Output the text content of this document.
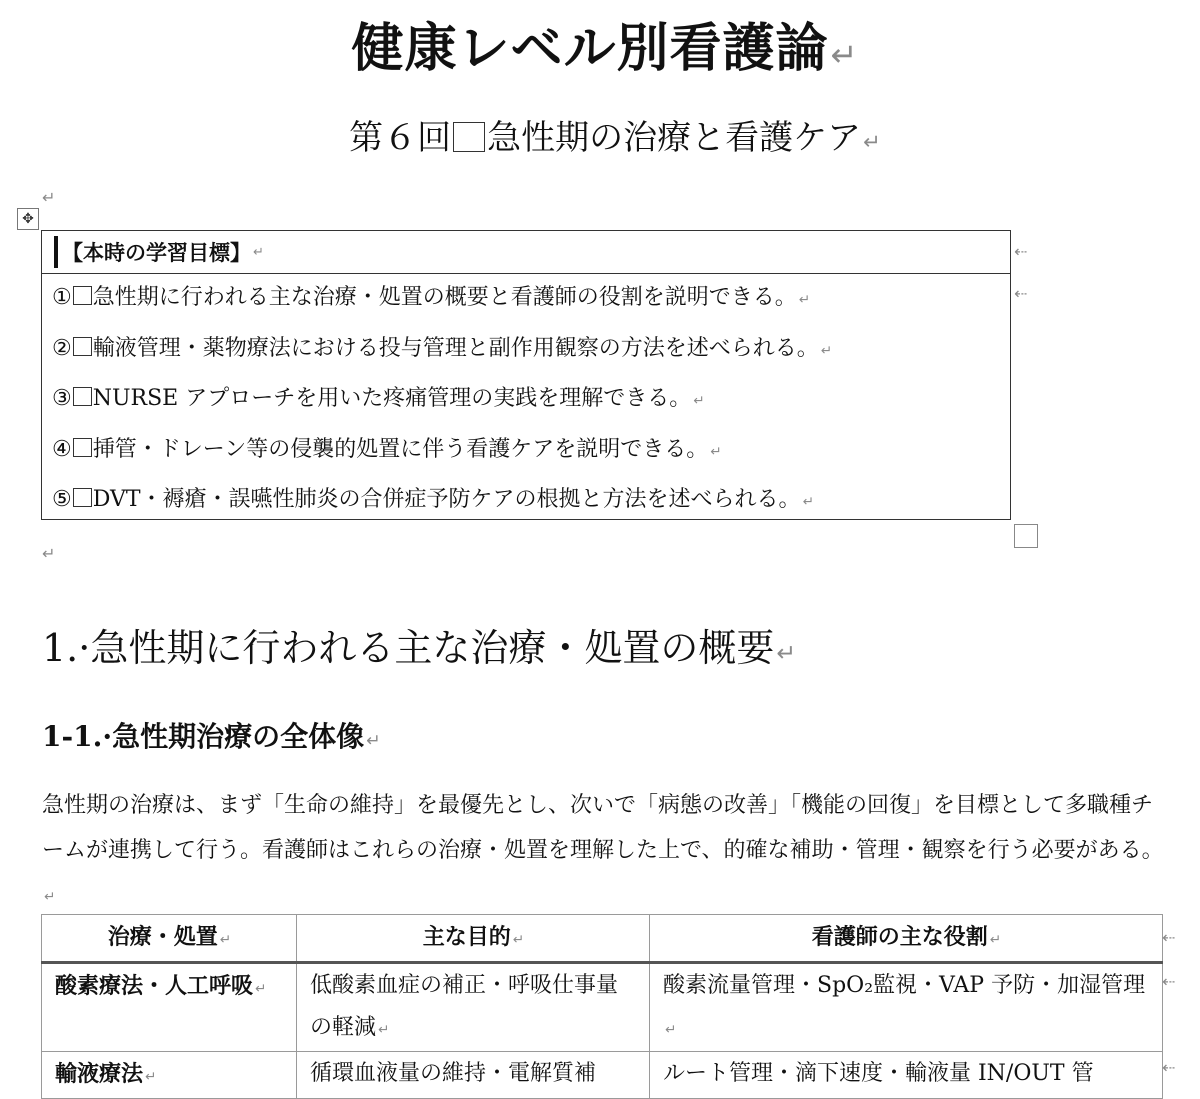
健康レベル別看護論↵
第６回 急性期の治療と看護ケア↵
↵
✥
【本時の学習目標】 ↵
① 急性期に行われる主な治療・処置の概要と看護師の役割を説明できる。 ↵
② 輸液管理・薬物療法における投与管理と副作用観察の方法を述べられる。 ↵
③ NURSE アプローチを用いた疼痛管理の実践を理解できる。 ↵
④ 挿管・ドレーン等の侵襲的処置に伴う看護ケアを説明できる。 ↵
⑤ DVT・褥瘡・誤嚥性肺炎の合併症予防ケアの根拠と方法を述べられる。 ↵
⇠
⇠
↵
1.·急性期に行われる主な治療・処置の概要↵
1-1.·急性期治療の全体像 ↵
急性期の治療は、まず「生命の維持」を最優先とし、次いで「病態の改善」「機能の回復」を目標として多職種チームが連携して行う。看護師はこれらの治療・処置を理解した上で、的確な補助・管理・観察を行う必要がある。↵
治療・処置 ↵	主な目的 ↵	看護師の主な役割 ↵
酸素療法・人工呼吸 ↵	低酸素血症の補正・呼吸仕事量の軽減 ↵	酸素流量管理・SpO₂監視・VAP 予防・加湿管理↵
輸液療法 ↵	循環血液量の維持・電解質補	ルート管理・滴下速度・輸液量 IN/OUT 管
⇠
⇠
⇠
